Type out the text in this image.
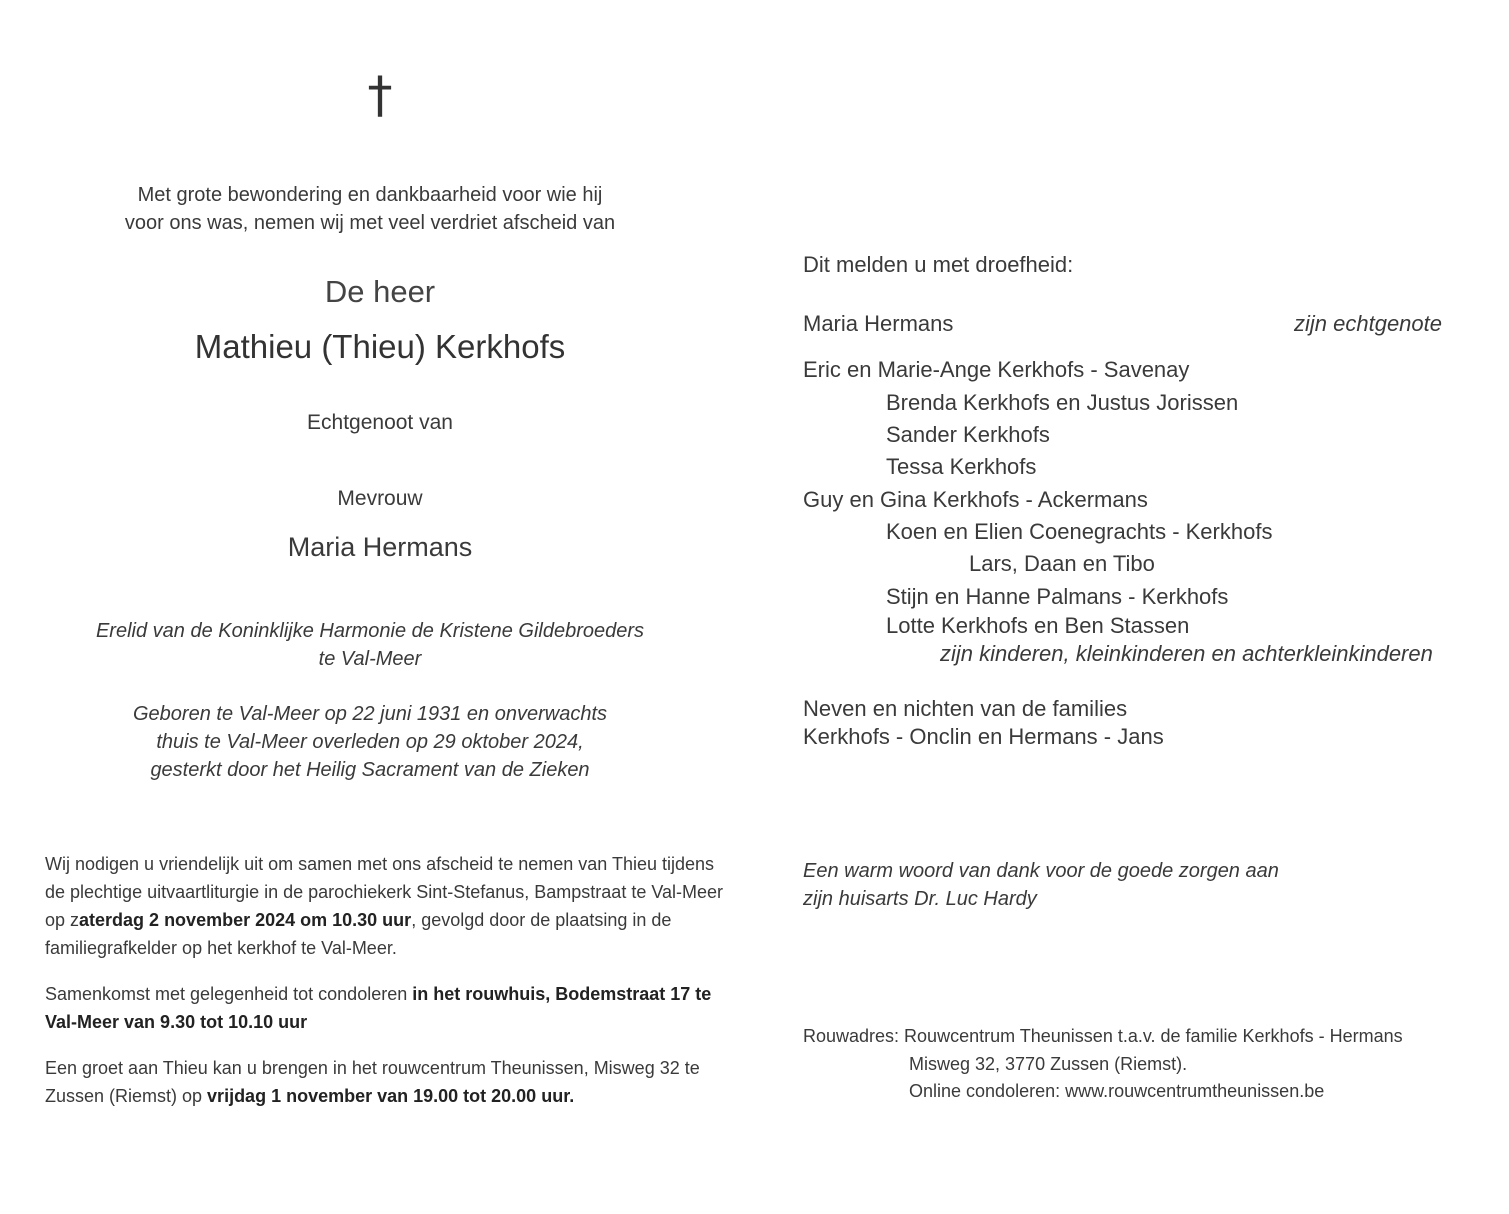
†
Met grote bewondering en dankbaarheid voor wie hij
voor ons was, nemen wij met veel verdriet afscheid van
De heer
Mathieu (Thieu) Kerkhofs
Echtgenoot van
Mevrouw
Maria Hermans
Erelid van de Koninklijke Harmonie de Kristene Gildebroeders
te Val-Meer
Geboren te Val-Meer op 22 juni 1931 en onverwachts
thuis te Val-Meer overleden op 29 oktober 2024,
gesterkt door het Heilig Sacrament van de Zieken
Wij nodigen u vriendelijk uit om samen met ons afscheid te nemen van Thieu tijdens de plechtige uitvaartliturgie in de parochiekerk Sint-Stefanus, Bampstraat te Val-Meer op zaterdag 2 november 2024 om 10.30 uur, gevolgd door de plaatsing in de familiegrafkelder op het kerkhof te Val-Meer.
Samenkomst met gelegenheid tot condoleren in het rouwhuis, Bodemstraat 17 te Val-Meer van 9.30 tot 10.10 uur
Een groet aan Thieu kan u brengen in het rouwcentrum Theunissen, Misweg 32 te Zussen (Riemst) op vrijdag 1 november van 19.00 tot 20.00 uur.
Dit melden u met droefheid:
Maria Hermans	zijn echtgenote
Eric en Marie-Ange Kerkhofs - Savenay
Brenda Kerkhofs en Justus Jorissen
Sander Kerkhofs
Tessa Kerkhofs
Guy en Gina Kerkhofs - Ackermans
Koen en Elien Coenegrachts - Kerkhofs
Lars, Daan en Tibo
Stijn en Hanne Palmans - Kerkhofs
Lotte Kerkhofs en Ben Stassen
zijn kinderen, kleinkinderen en achterkleinkinderen
Neven en nichten van de families
Kerkhofs - Onclin en Hermans - Jans
Een warm woord van dank voor de goede zorgen aan
zijn huisarts Dr. Luc Hardy
Rouwadres: Rouwcentrum Theunissen t.a.v. de familie Kerkhofs - Hermans
Misweg 32, 3770 Zussen (Riemst).
Online condoleren: www.rouwcentrumtheunissen.be
